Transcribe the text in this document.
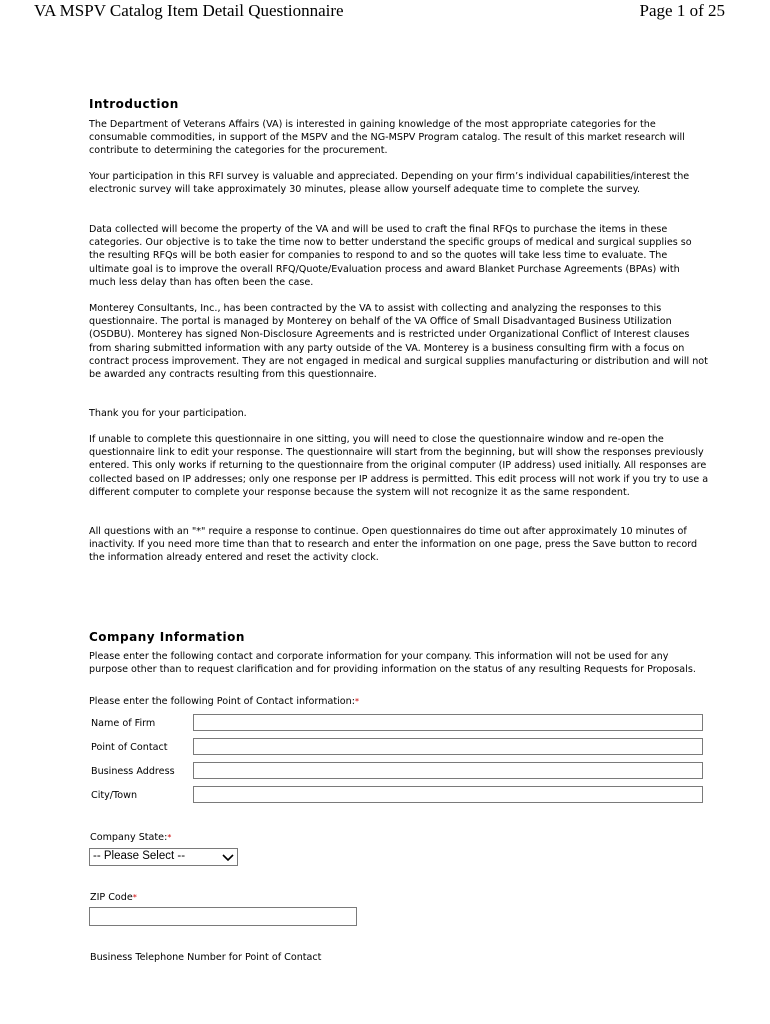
VA MSPV Catalog Item Detail Questionnaire	Page 1 of 25
Introduction
The Department of Veterans Affairs (VA) is interested in gaining knowledge of the most appropriate categories for the consumable commodities, in support of the MSPV and the NG-MSPV Program catalog. The result of this market research will contribute to determining the categories for the procurement.
Your participation in this RFI survey is valuable and appreciated. Depending on your firm’s individual capabilities/interest the electronic survey will take approximately 30 minutes, please allow yourself adequate time to complete the survey.
Data collected will become the property of the VA and will be used to craft the final RFQs to purchase the items in these categories. Our objective is to take the time now to better understand the specific groups of medical and surgical supplies so the resulting RFQs will be both easier for companies to respond to and so the quotes will take less time to evaluate. The ultimate goal is to improve the overall RFQ/Quote/Evaluation process and award Blanket Purchase Agreements (BPAs) with much less delay than has often been the case.
Monterey Consultants, Inc., has been contracted by the VA to assist with collecting and analyzing the responses to this questionnaire. The portal is managed by Monterey on behalf of the VA Office of Small Disadvantaged Business Utilization (OSDBU). Monterey has signed Non-Disclosure Agreements and is restricted under Organizational Conflict of Interest clauses from sharing submitted information with any party outside of the VA. Monterey is a business consulting firm with a focus on contract process improvement. They are not engaged in medical and surgical supplies manufacturing or distribution and will not be awarded any contracts resulting from this questionnaire.
Thank you for your participation.
If unable to complete this questionnaire in one sitting, you will need to close the questionnaire window and re-open the questionnaire link to edit your response. The questionnaire will start from the beginning, but will show the responses previously entered. This only works if returning to the questionnaire from the original computer (IP address) used initially. All responses are collected based on IP addresses; only one response per IP address is permitted. This edit process will not work if you try to use a different computer to complete your response because the system will not recognize it as the same respondent.
All questions with an "*" require a response to continue. Open questionnaires do time out after approximately 10 minutes of inactivity. If you need more time than that to research and enter the information on one page, press the Save button to record the information already entered and reset the activity clock.
Company Information
Please enter the following contact and corporate information for your company. This information will not be used for any purpose other than to request clarification and for providing information on the status of any resulting Requests for Proposals.
Please enter the following Point of Contact information:*
Name of Firm
Point of Contact
Business Address
City/Town
Company State:*
-- Please Select --
ZIP Code*
Business Telephone Number for Point of Contact
